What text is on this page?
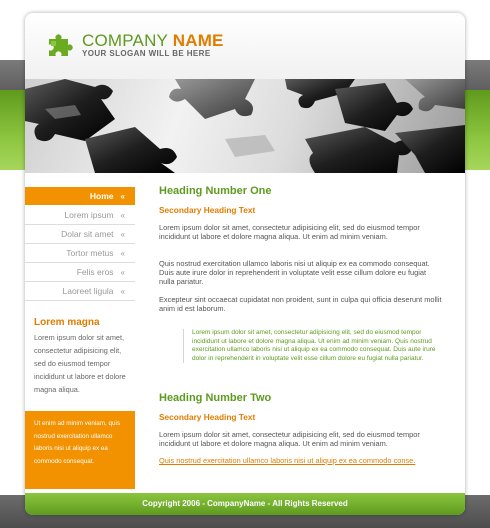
COMPANY NAME
YOUR SLOGAN WILL BE HERE
Home «
Lorem ipsum «
Dolar sit amet «
Tortor metus «
Felis eros «
Laoreet ligula «
Lorem magna
Lorem ipsum dolor sit amet, consectetur adipisicing elit, sed do eiusmod tempor incididunt ut labore et dolore magna aliqua.
Ut enim ad minim veniam, quis nostrud exercitation ullamco laboris nisi ut aliquip ex ea commodo consequat.
Heading Number One
Secondary Heading Text
Lorem ipsum dolor sit amet, consectetur adipisicing elit, sed do eiusmod tempor incididunt ut labore et dolore magna aliqua. Ut enim ad minim veniam.
Quis nostrud exercitation ullamco laboris nisi ut aliquip ex ea commodo consequat. Duis aute irure dolor in reprehenderit in voluptate velit esse cillum dolore eu fugiat nulla pariatur.
Excepteur sint occaecat cupidatat non proident, sunt in culpa qui officia deserunt mollit anim id est laborum.
Lorem ipsum dolor sit amet, consectetur adipisicing elit, sed do eiusmod tempor incididunt ut labore et dolore magna aliqua. Ut enim ad minim veniam. Quis nostrud exercitation ullamco laboris nisi ut aliquip ex ea commodo consequat. Duis aute irure dolor in reprehenderit in voluptate velit esse cillum dolore eu fugiat nulla pariatur.
Heading Number Two
Secondary Heading Text
Lorem ipsum dolor sit amet, consectetur adipisicing elit, sed do eiusmod tempor incididunt ut labore et dolore magna aliqua. Ut enim ad minim veniam.
Quis nostrud exercitation ullamco laboris nisi ut aliquip ex ea commodo conse.
Copyright 2006 - CompanyName - All Rights Reserved
